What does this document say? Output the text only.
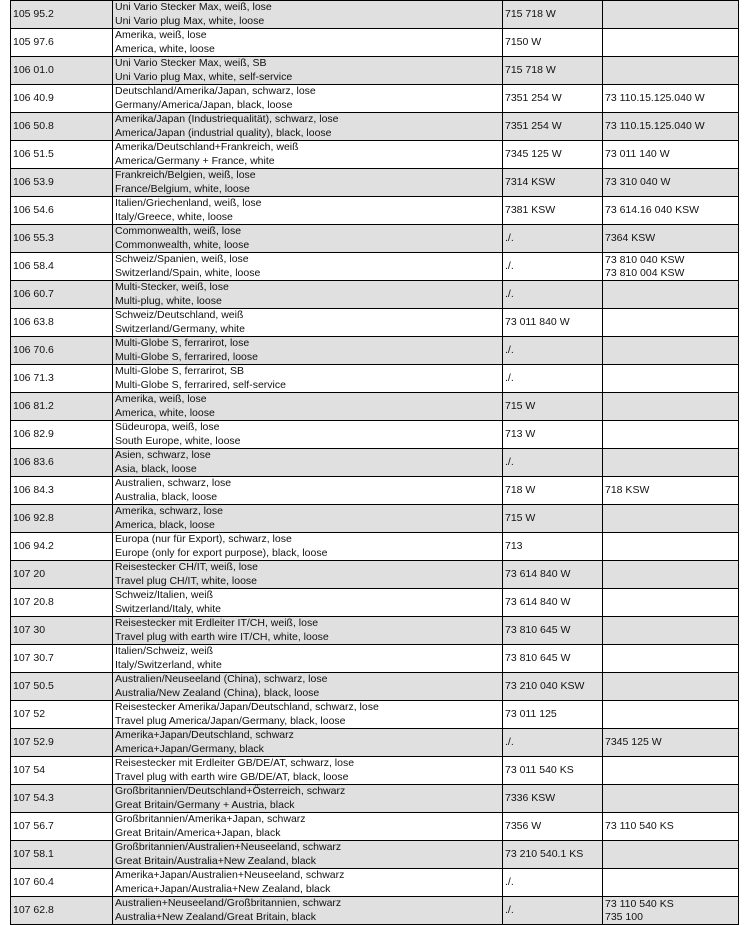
105 95.2	Uni Vario Stecker Max, weiß, lose
Uni Vario plug Max, white, loose	715 718 W	
105 97.6	Amerika, weiß, lose
America, white, loose	7150 W	
106 01.0	Uni Vario Stecker Max, weiß, SB
Uni Vario plug Max, white, self-service	715 718 W	
106 40.9	Deutschland/Amerika/Japan, schwarz, lose
Germany/America/Japan, black, loose	7351 254 W	73 110.15.125.040 W

106 50.8	Amerika/Japan (Industriequalität), schwarz, lose
America/Japan (industrial quality), black, loose	7351 254 W	73 110.15.125.040 W

106 51.5	Amerika/Deutschland+Frankreich, weiß
America/Germany + France, white	7345 125 W	73 011 140 W

106 53.9	Frankreich/Belgien, weiß, lose
France/Belgium, white, loose	7314 KSW	73 310 040 W

106 54.6	Italien/Griechenland, weiß, lose
Italy/Greece, white, loose	7381 KSW	73 614.16 040 KSW

106 55.3	Commonwealth, weiß, lose
Commonwealth, white, loose	./.	7364 KSW

106 58.4	Schweiz/Spanien, weiß, lose
Switzerland/Spain, white, loose	./.	73 810 040 KSW
73 810 004 KSW

106 60.7	Multi-Stecker, weiß, lose
Multi-plug, white, loose	./.	
106 63.8	Schweiz/Deutschland, weiß
Switzerland/Germany, white	73 011 840 W	
106 70.6	Multi-Globe S, ferrarirot, lose
Multi-Globe S, ferrarired, loose	./.	
106 71.3	Multi-Globe S, ferrarirot, SB
Multi-Globe S, ferrarired, self-service	./.	
106 81.2	Amerika, weiß, lose
America, white, loose	715 W	
106 82.9	Südeuropa, weiß, lose
South Europe, white, loose	713 W	
106 83.6	Asien, schwarz, lose
Asia, black, loose	./.	
106 84.3	Australien, schwarz, lose
Australia, black, loose	718 W	718 KSW

106 92.8	Amerika, schwarz, lose
America, black, loose	715 W	
106 94.2	Europa (nur für Export), schwarz, lose
Europe (only for export purpose), black, loose	713	
107 20	Reisestecker CH/IT, weiß, lose
Travel plug CH/IT, white, loose	73 614 840 W	
107 20.8	Schweiz/Italien, weiß
Switzerland/Italy, white	73 614 840 W	
107 30	Reisestecker mit Erdleiter IT/CH, weiß, lose
Travel plug with earth wire IT/CH, white, loose	73 810 645 W	
107 30.7	Italien/Schweiz, weiß
Italy/Switzerland, white	73 810 645 W	
107 50.5	Australien/Neuseeland (China), schwarz, lose
Australia/New Zealand (China), black, loose	73 210 040 KSW	
107 52	Reisestecker Amerika/Japan/Deutschland, schwarz, lose
Travel plug America/Japan/Germany, black, loose	73 011 125	
107 52.9	Amerika+Japan/Deutschland, schwarz
America+Japan/Germany, black	./.	7345 125 W

107 54	Reisestecker mit Erdleiter GB/DE/AT, schwarz, lose
Travel plug with earth wire GB/DE/AT, black, loose	73 011 540 KS	
107 54.3	Großbritannien/Deutschland+Österreich, schwarz
Great Britain/Germany + Austria, black	7336 KSW	
107 56.7	Großbritannien/Amerika+Japan, schwarz
Great Britain/America+Japan, black	7356 W	73 110 540 KS

107 58.1	Großbritannien/Australien+Neuseeland, schwarz
Great Britain/Australia+New Zealand, black	73 210 540.1 KS	
107 60.4	Amerika+Japan/Australien+Neuseeland, schwarz
America+Japan/Australia+New Zealand, black	./.	
107 62.8	Australien+Neuseeland/Großbritannien, schwarz
Australia+New Zealand/Great Britain, black	./.	73 110 540 KS
735 100
